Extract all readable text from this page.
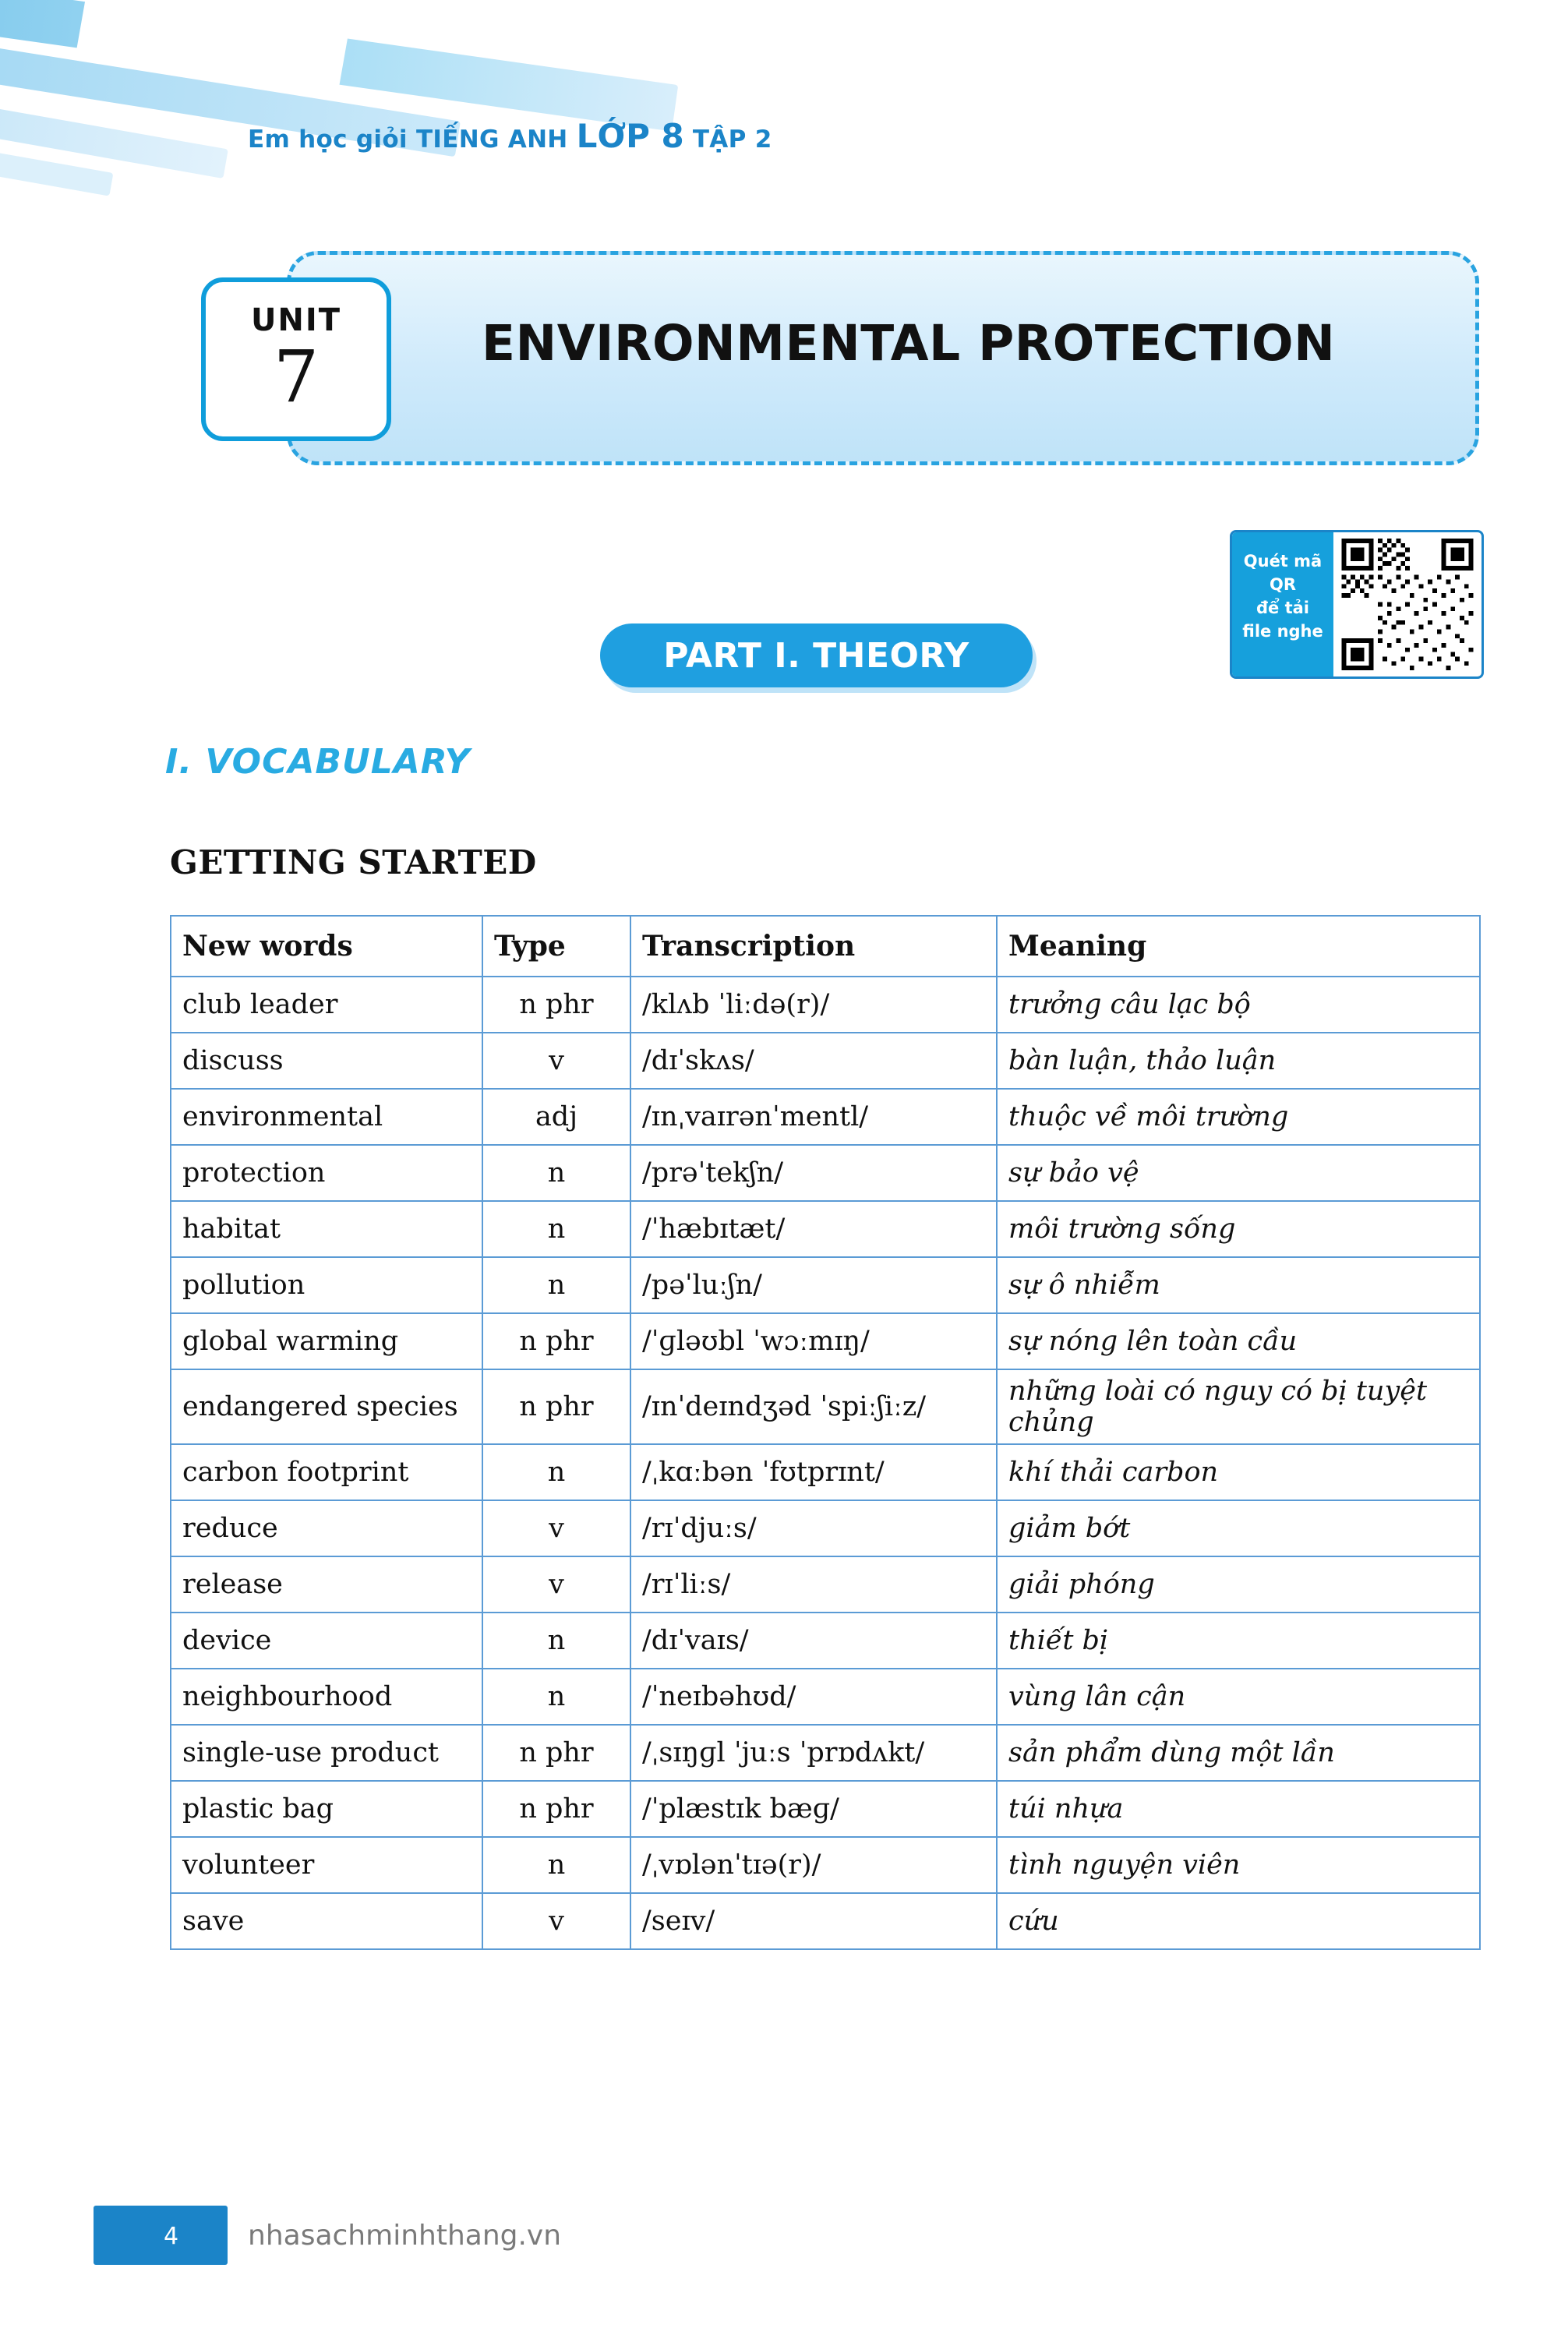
Em học giỏi TIẾNG ANH LỚP 8 TẬP 2
ENVIRONMENTAL PROTECTION
UNIT
7
Quét mã
QR
để tải
file nghe
PART I. THEORY
I. VOCABULARY
GETTING STARTED
New words	Type	Transcription	Meaning
club leader	n phr	/klʌb ˈliːdə(r)/	trưởng câu lạc bộ
discuss	v	/dɪˈskʌs/	bàn luận, thảo luận
environmental	adj	/ɪnˌvaɪrənˈmentl/	thuộc về môi trường
protection	n	/prəˈtekʃn/	sự bảo vệ
habitat	n	/ˈhæbɪtæt/	môi trường sống
pollution	n	/pəˈluːʃn/	sự ô nhiễm
global warming	n phr	/ˈɡləʊbl ˈwɔːmɪŋ/	sự nóng lên toàn cầu
endangered species	n phr	/ɪnˈdeɪndʒəd ˈspiːʃiːz/	những loài có nguy có bị tuyệt chủng
carbon footprint	n	/ˌkɑːbən ˈfʊtprɪnt/	khí thải carbon
reduce	v	/rɪˈdjuːs/	giảm bớt
release	v	/rɪˈliːs/	giải phóng
device	n	/dɪˈvaɪs/	thiết bị
neighbourhood	n	/ˈneɪbəhʊd/	vùng lân cận
single-use product	n phr	/ˌsɪŋɡl ˈjuːs ˈprɒdʌkt/	sản phẩm dùng một lần
plastic bag	n phr	/ˈplæstɪk bæɡ/	túi nhựa
volunteer	n	/ˌvɒlənˈtɪə(r)/	tình nguyện viên
save	v	/seɪv/	cứu
4 nhasachminhthang.vn
